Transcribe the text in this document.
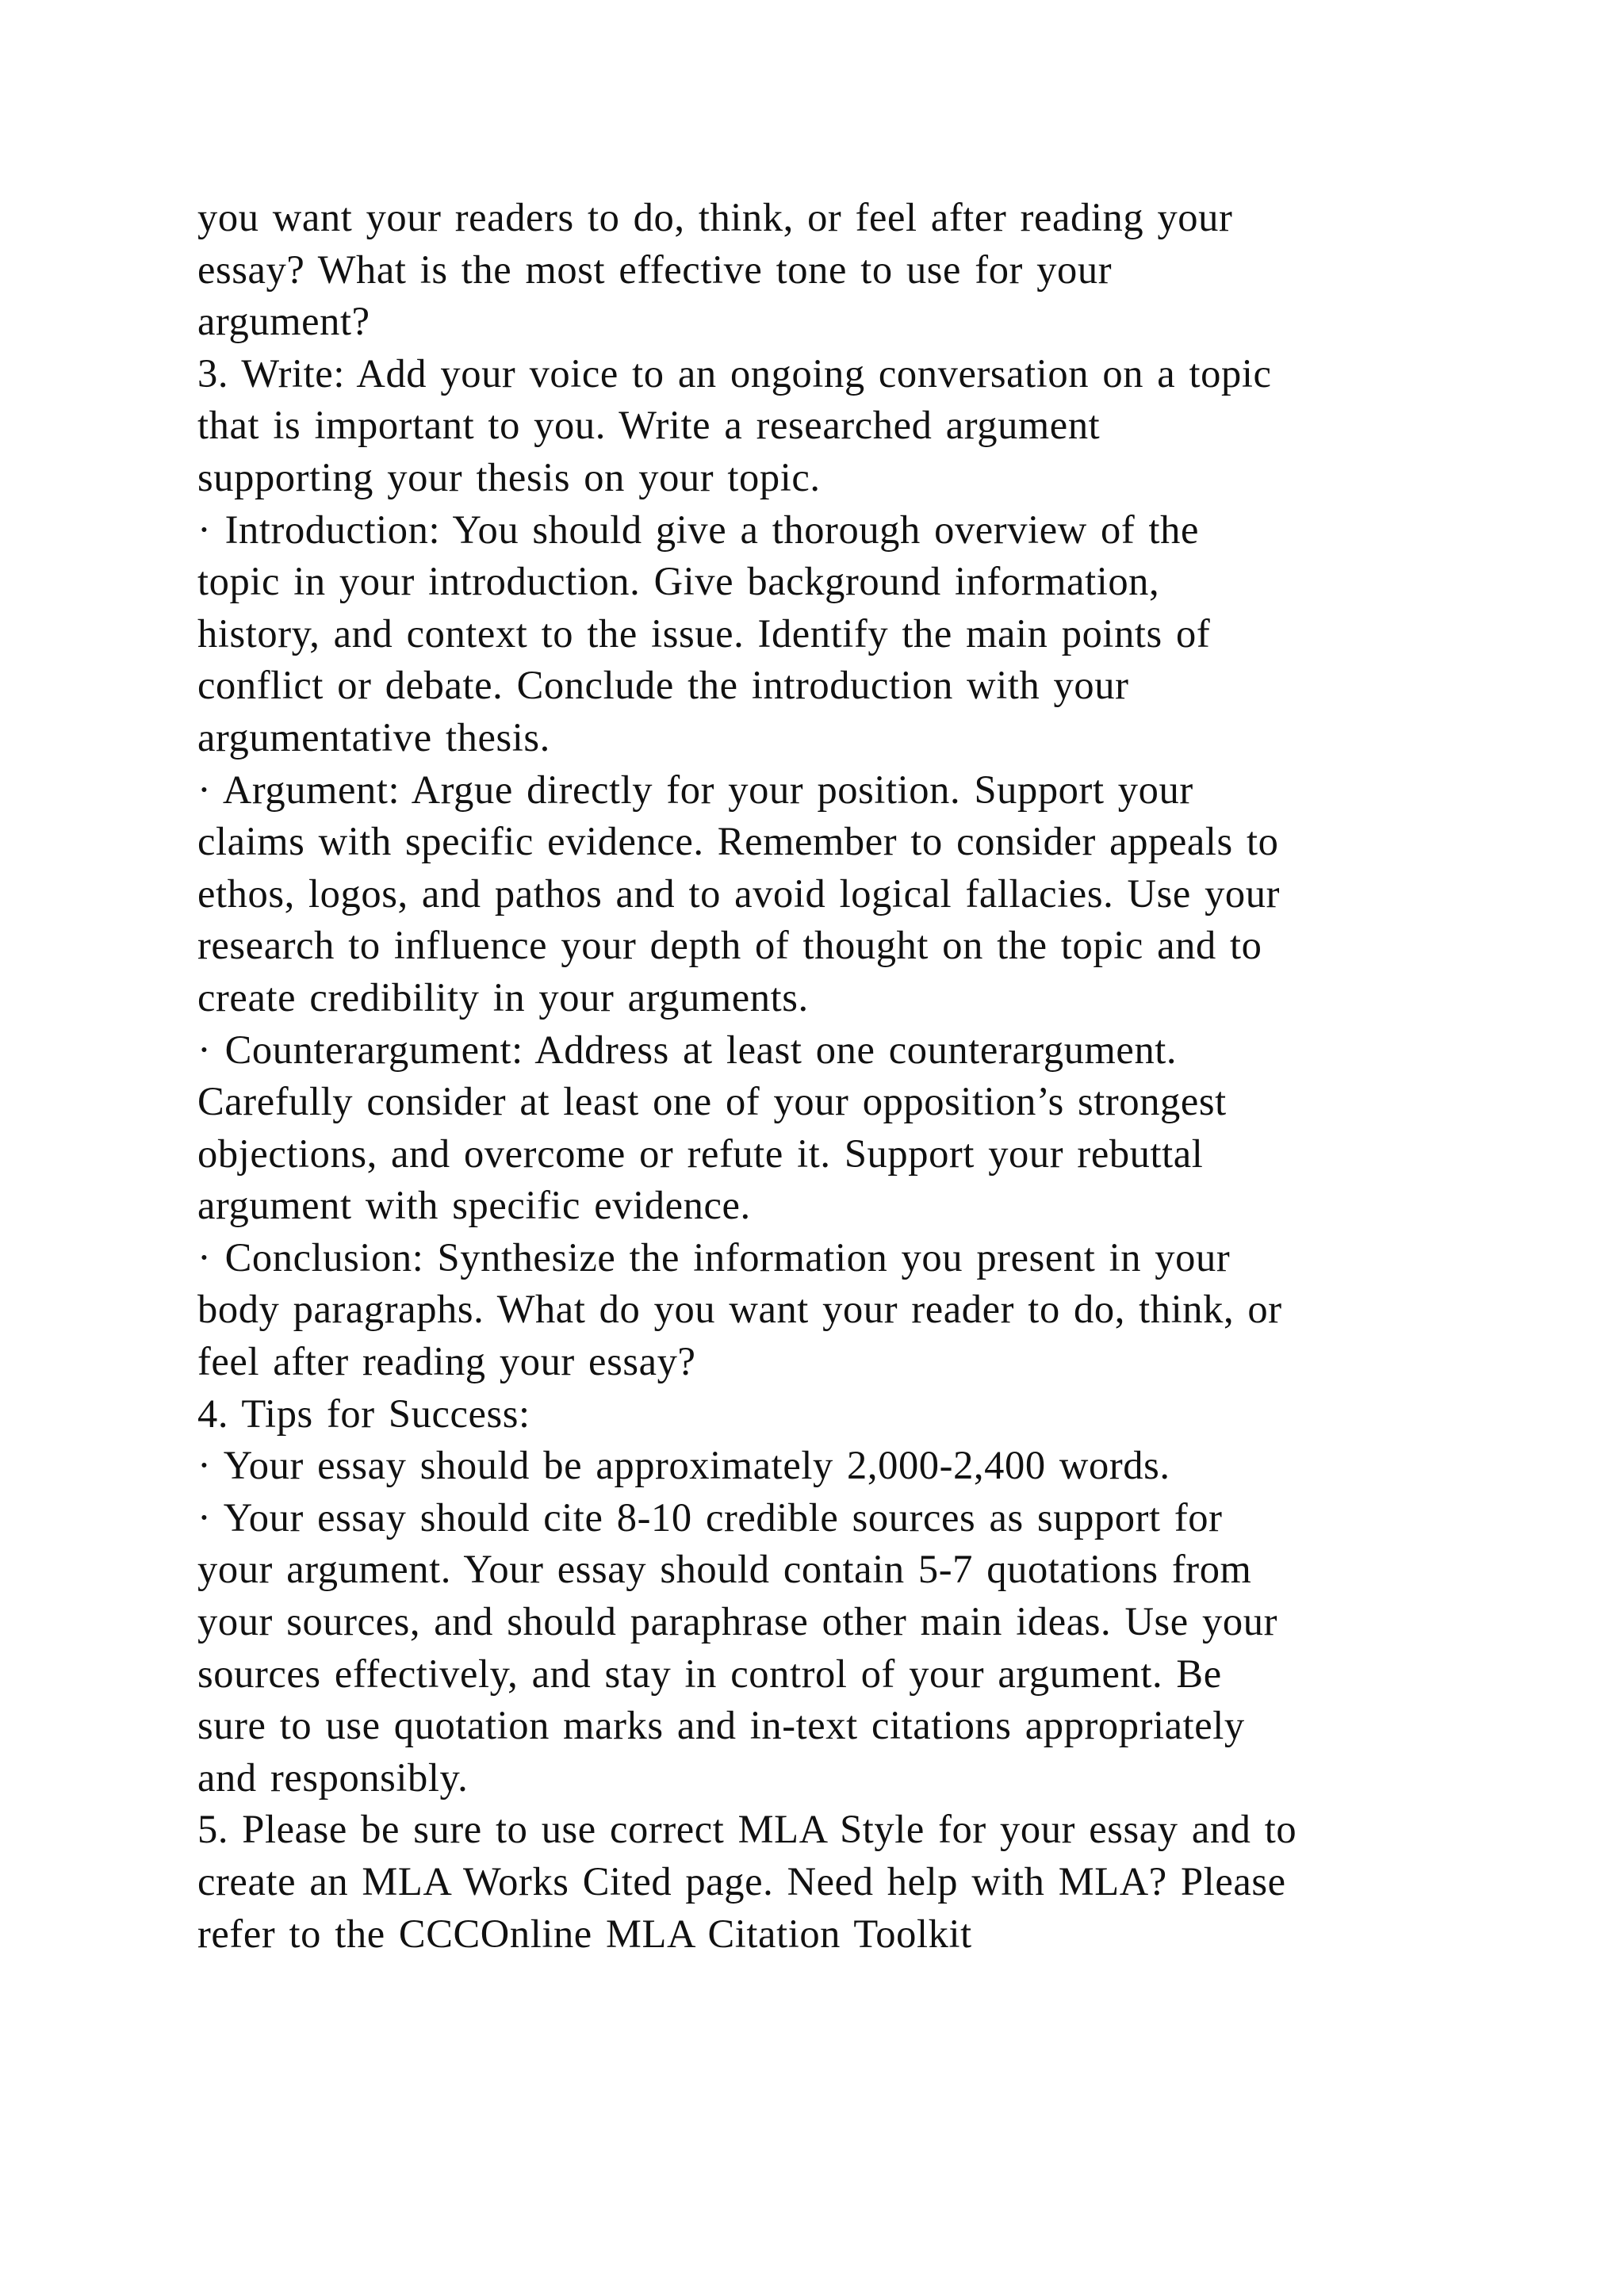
you want your readers to do, think, or feel after reading your
essay? What is the most effective tone to use for your
argument?
3. Write: Add your voice to an ongoing conversation on a topic
that is important to you. Write a researched argument
supporting your thesis on your topic.
· Introduction: You should give a thorough overview of the
topic in your introduction. Give background information,
history, and context to the issue. Identify the main points of
conflict or debate. Conclude the introduction with your
argumentative thesis.
· Argument: Argue directly for your position. Support your
claims with specific evidence. Remember to consider appeals to
ethos, logos, and pathos and to avoid logical fallacies. Use your
research to influence your depth of thought on the topic and to
create credibility in your arguments.
· Counterargument: Address at least one counterargument.
Carefully consider at least one of your opposition’s strongest
objections, and overcome or refute it. Support your rebuttal
argument with specific evidence.
· Conclusion: Synthesize the information you present in your
body paragraphs. What do you want your reader to do, think, or
feel after reading your essay?
4. Tips for Success:
· Your essay should be approximately 2,000-2,400 words.
· Your essay should cite 8-10 credible sources as support for
your argument. Your essay should contain 5-7 quotations from
your sources, and should paraphrase other main ideas. Use your
sources effectively, and stay in control of your argument. Be
sure to use quotation marks and in-text citations appropriately
and responsibly.
5. Please be sure to use correct MLA Style for your essay and to
create an MLA Works Cited page. Need help with MLA? Please
refer to the CCCOnline MLA Citation Toolkit
